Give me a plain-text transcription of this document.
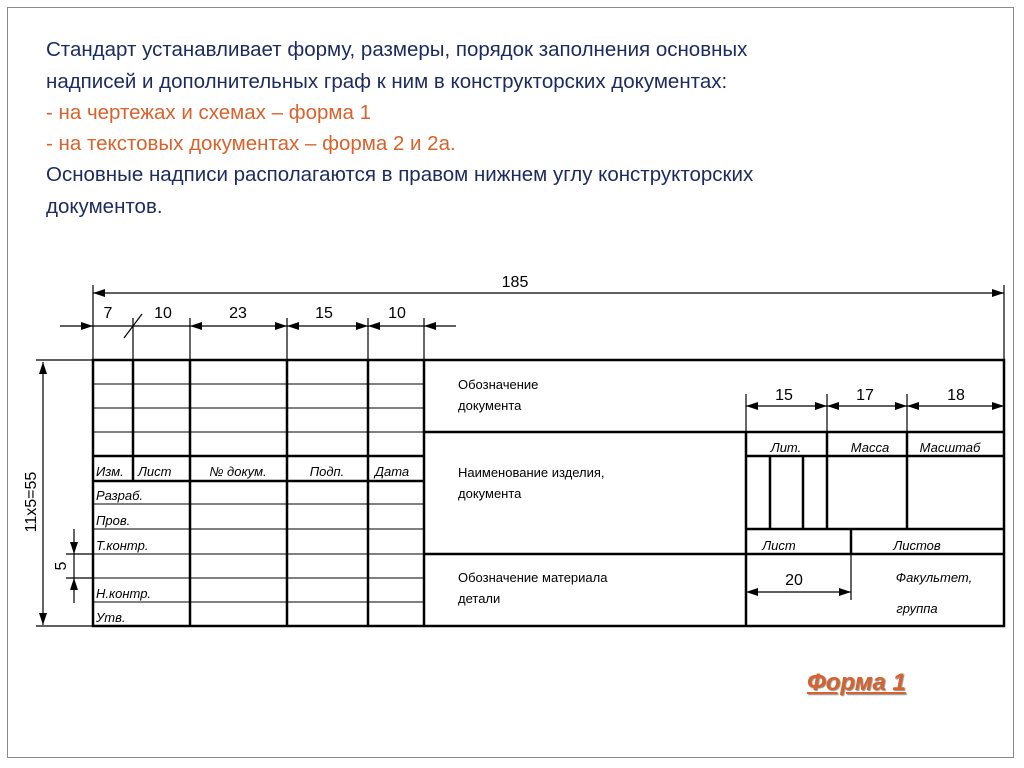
Стандарт устанавливает форму, размеры, порядок заполнения основных
надписей и дополнительных граф к ним в конструкторских документах:
- на чертежах и схемах – форма 1
- на текстовых документах – форма 2 и 2а.
Основные надписи располагаются в правом нижнем углу конструкторских
документов.
185
7	10	23	15	10
15	17	18
20
11х5=55
5
Изм. Лист	№ докум.	Подп. Дата
Разраб.
Пров.
Т.контр.
Н.контр.
Утв.
Обозначение
документа
Наименование изделия,
документа
Обозначение материала
детали
Лит.	Масса Масштаб
Лист	Листов
Факультет,
группа
Форма 1
